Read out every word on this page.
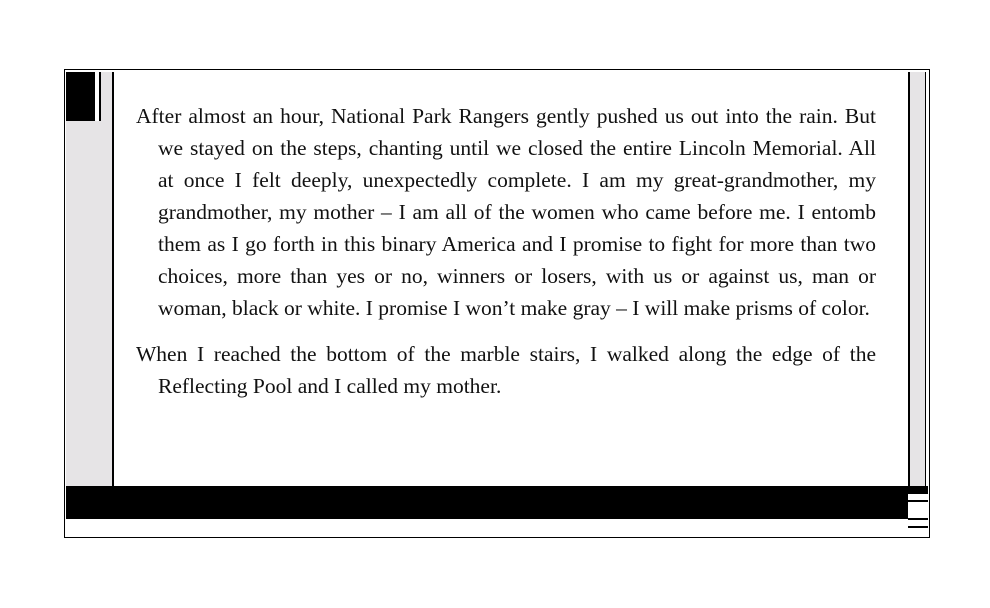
After almost an hour, National Park Rangers gently pushed us out into the rain. But we stayed on the steps, chanting until we closed the entire Lincoln Memorial. All at once I felt deeply, unexpectedly complete. I am my great-grandmother, my grandmother, my mother – I am all of the women who came before me. I entomb them as I go forth in this binary America and I promise to fight for more than two choices, more than yes or no, winners or losers, with us or against us, man or woman, black or white. I promise I won’t make gray – I will make prisms of color.

When I reached the bottom of the marble stairs, I walked along the edge of the Reflecting Pool and I called my mother.
